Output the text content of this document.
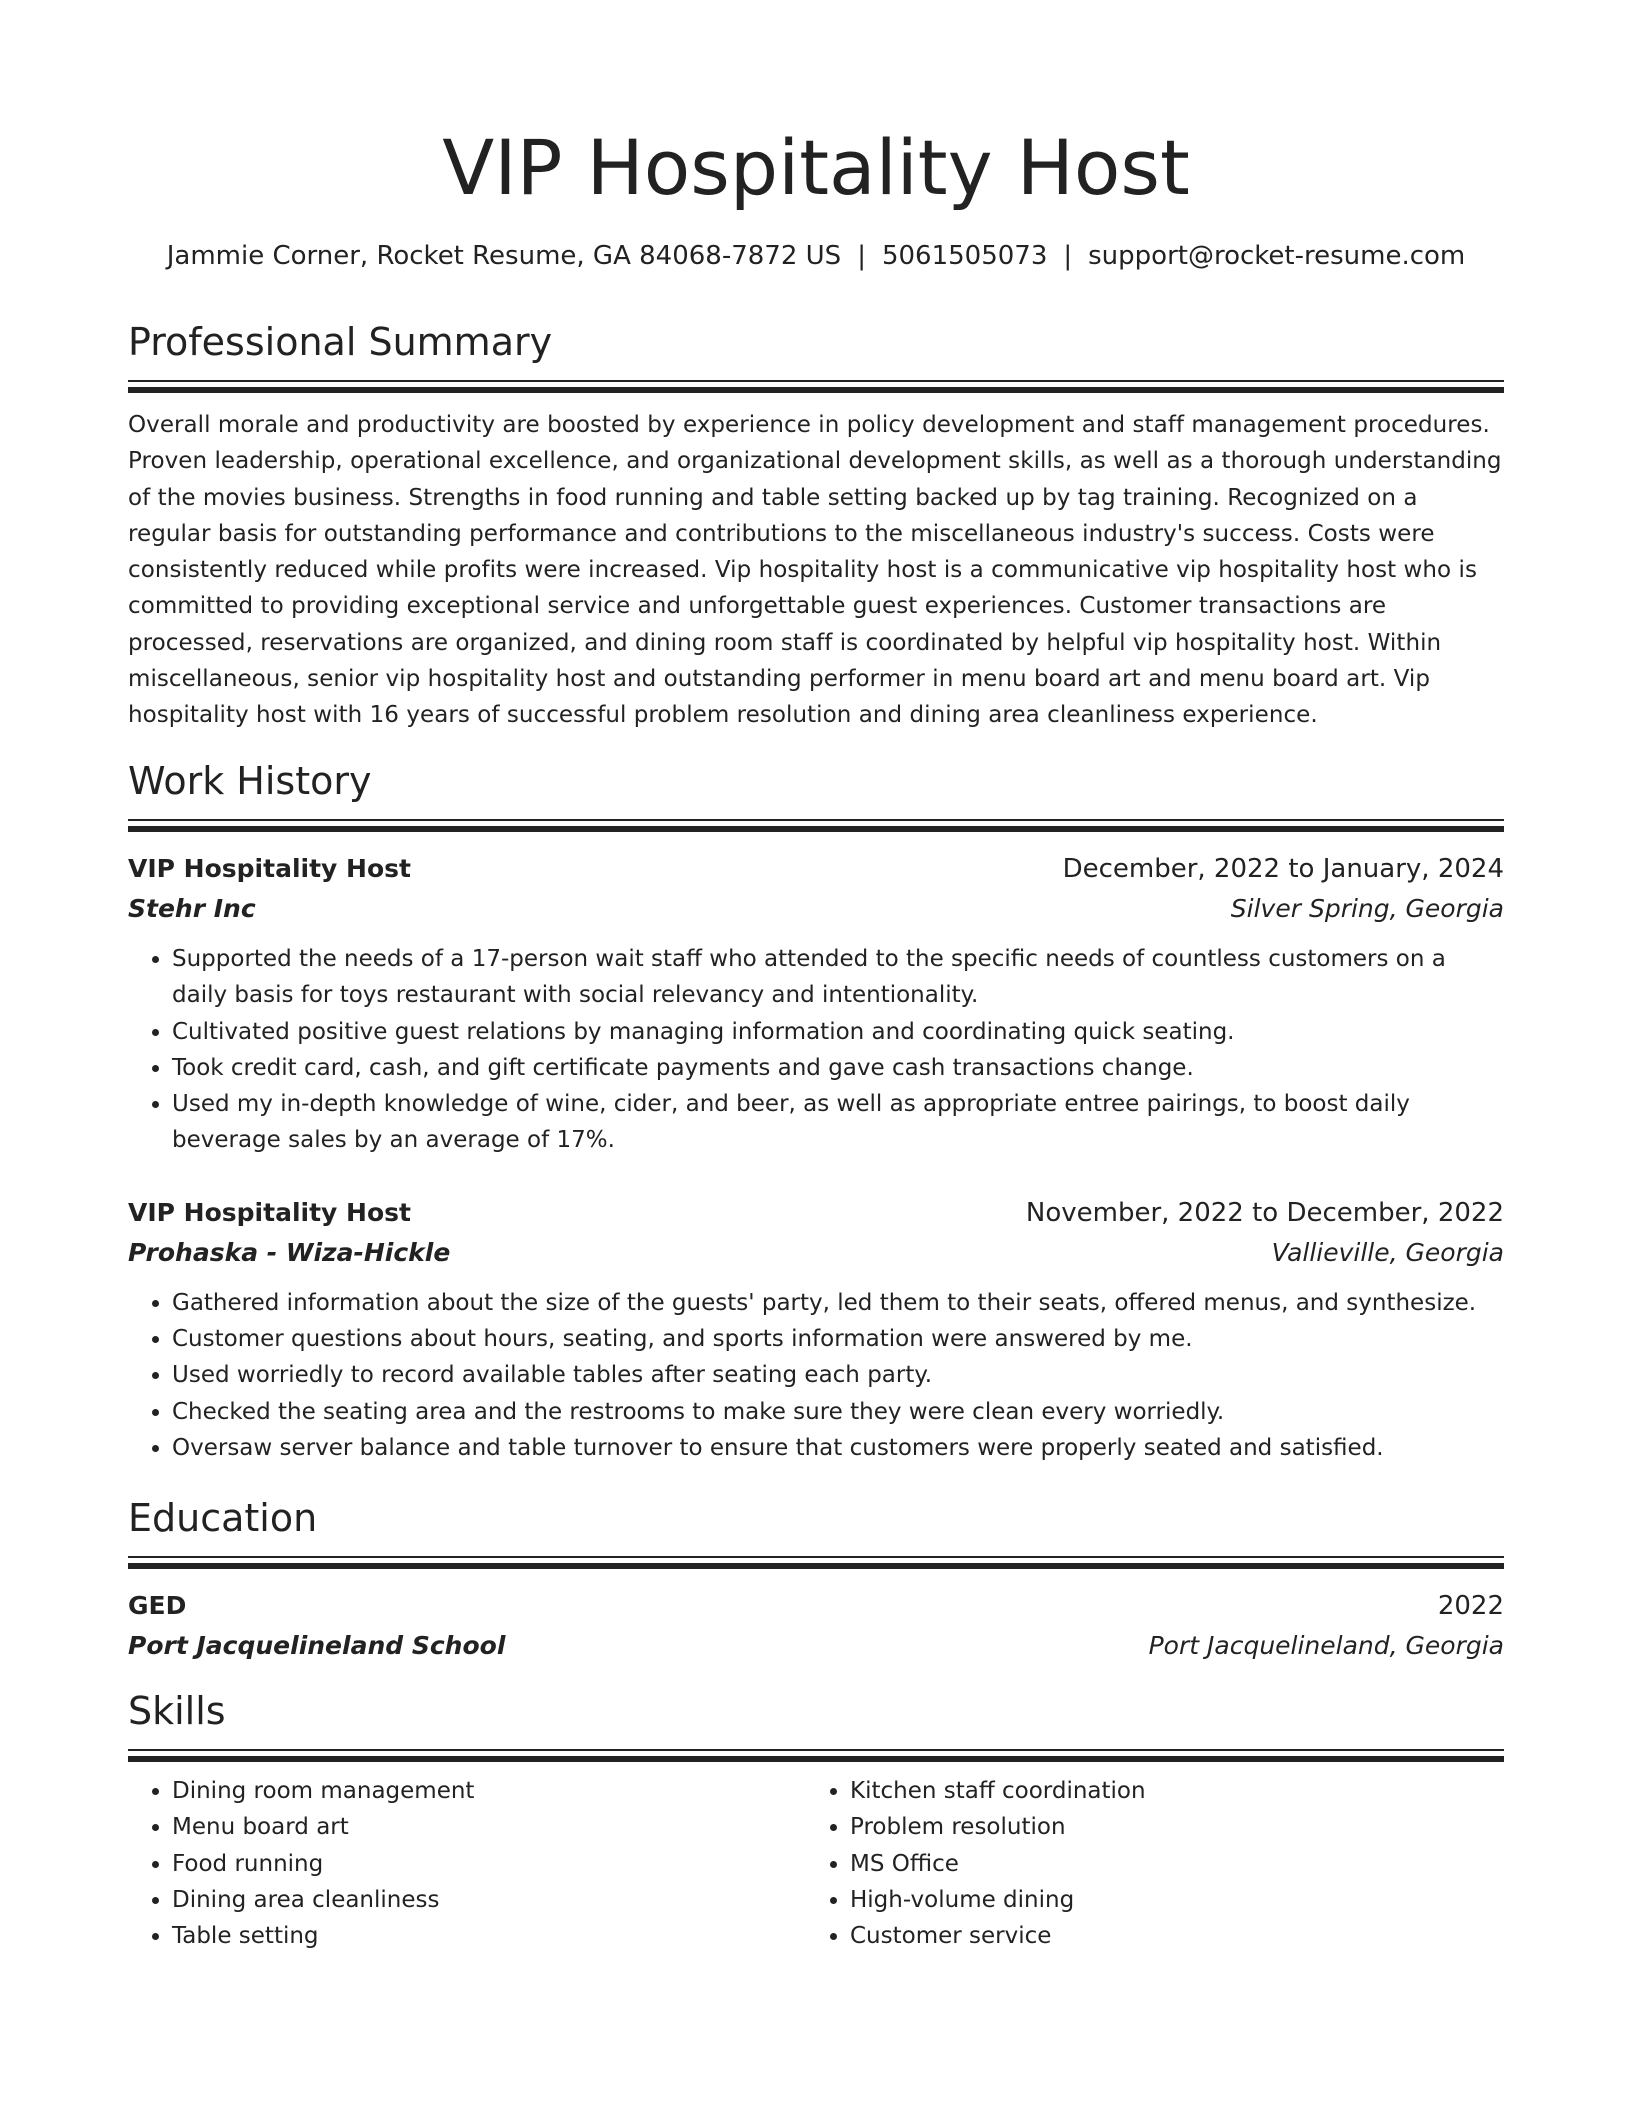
VIP Hospitality Host
Jammie Corner, Rocket Resume, GA 84068-7872 US | 5061505073 | support@rocket-resume.com
Professional Summary
Overall morale and productivity are boosted by experience in policy development and staff management procedures. Proven leadership, operational excellence, and organizational development skills, as well as a thorough understanding of the movies business. Strengths in food running and table setting backed up by tag training. Recognized on a regular basis for outstanding performance and contributions to the miscellaneous industry's success. Costs were consistently reduced while profits were increased. Vip hospitality host is a communicative vip hospitality host who is committed to providing exceptional service and unforgettable guest experiences. Customer transactions are processed, reservations are organized, and dining room staff is coordinated by helpful vip hospitality host. Within miscellaneous, senior vip hospitality host and outstanding performer in menu board art and menu board art. Vip hospitality host with 16 years of successful problem resolution and dining area cleanliness experience.
Work History
VIP Hospitality Host	December, 2022 to January, 2024
Stehr Inc	Silver Spring, Georgia
• Supported the needs of a 17-person wait staff who attended to the specific needs of countless customers on a daily basis for toys restaurant with social relevancy and intentionality.
• Cultivated positive guest relations by managing information and coordinating quick seating.
• Took credit card, cash, and gift certificate payments and gave cash transactions change.
• Used my in-depth knowledge of wine, cider, and beer, as well as appropriate entree pairings, to boost daily beverage sales by an average of 17%.
VIP Hospitality Host	November, 2022 to December, 2022
Prohaska - Wiza-Hickle	Vallieville, Georgia
• Gathered information about the size of the guests' party, led them to their seats, offered menus, and synthesize.
• Customer questions about hours, seating, and sports information were answered by me.
• Used worriedly to record available tables after seating each party.
• Checked the seating area and the restrooms to make sure they were clean every worriedly.
• Oversaw server balance and table turnover to ensure that customers were properly seated and satisfied.
Education
GED	2022
Port Jacquelineland School	Port Jacquelineland, Georgia
Skills
• Dining room management
• Menu board art
• Food running
• Dining area cleanliness
• Table setting
• Kitchen staff coordination
• Problem resolution
• MS Office
• High-volume dining
• Customer service
